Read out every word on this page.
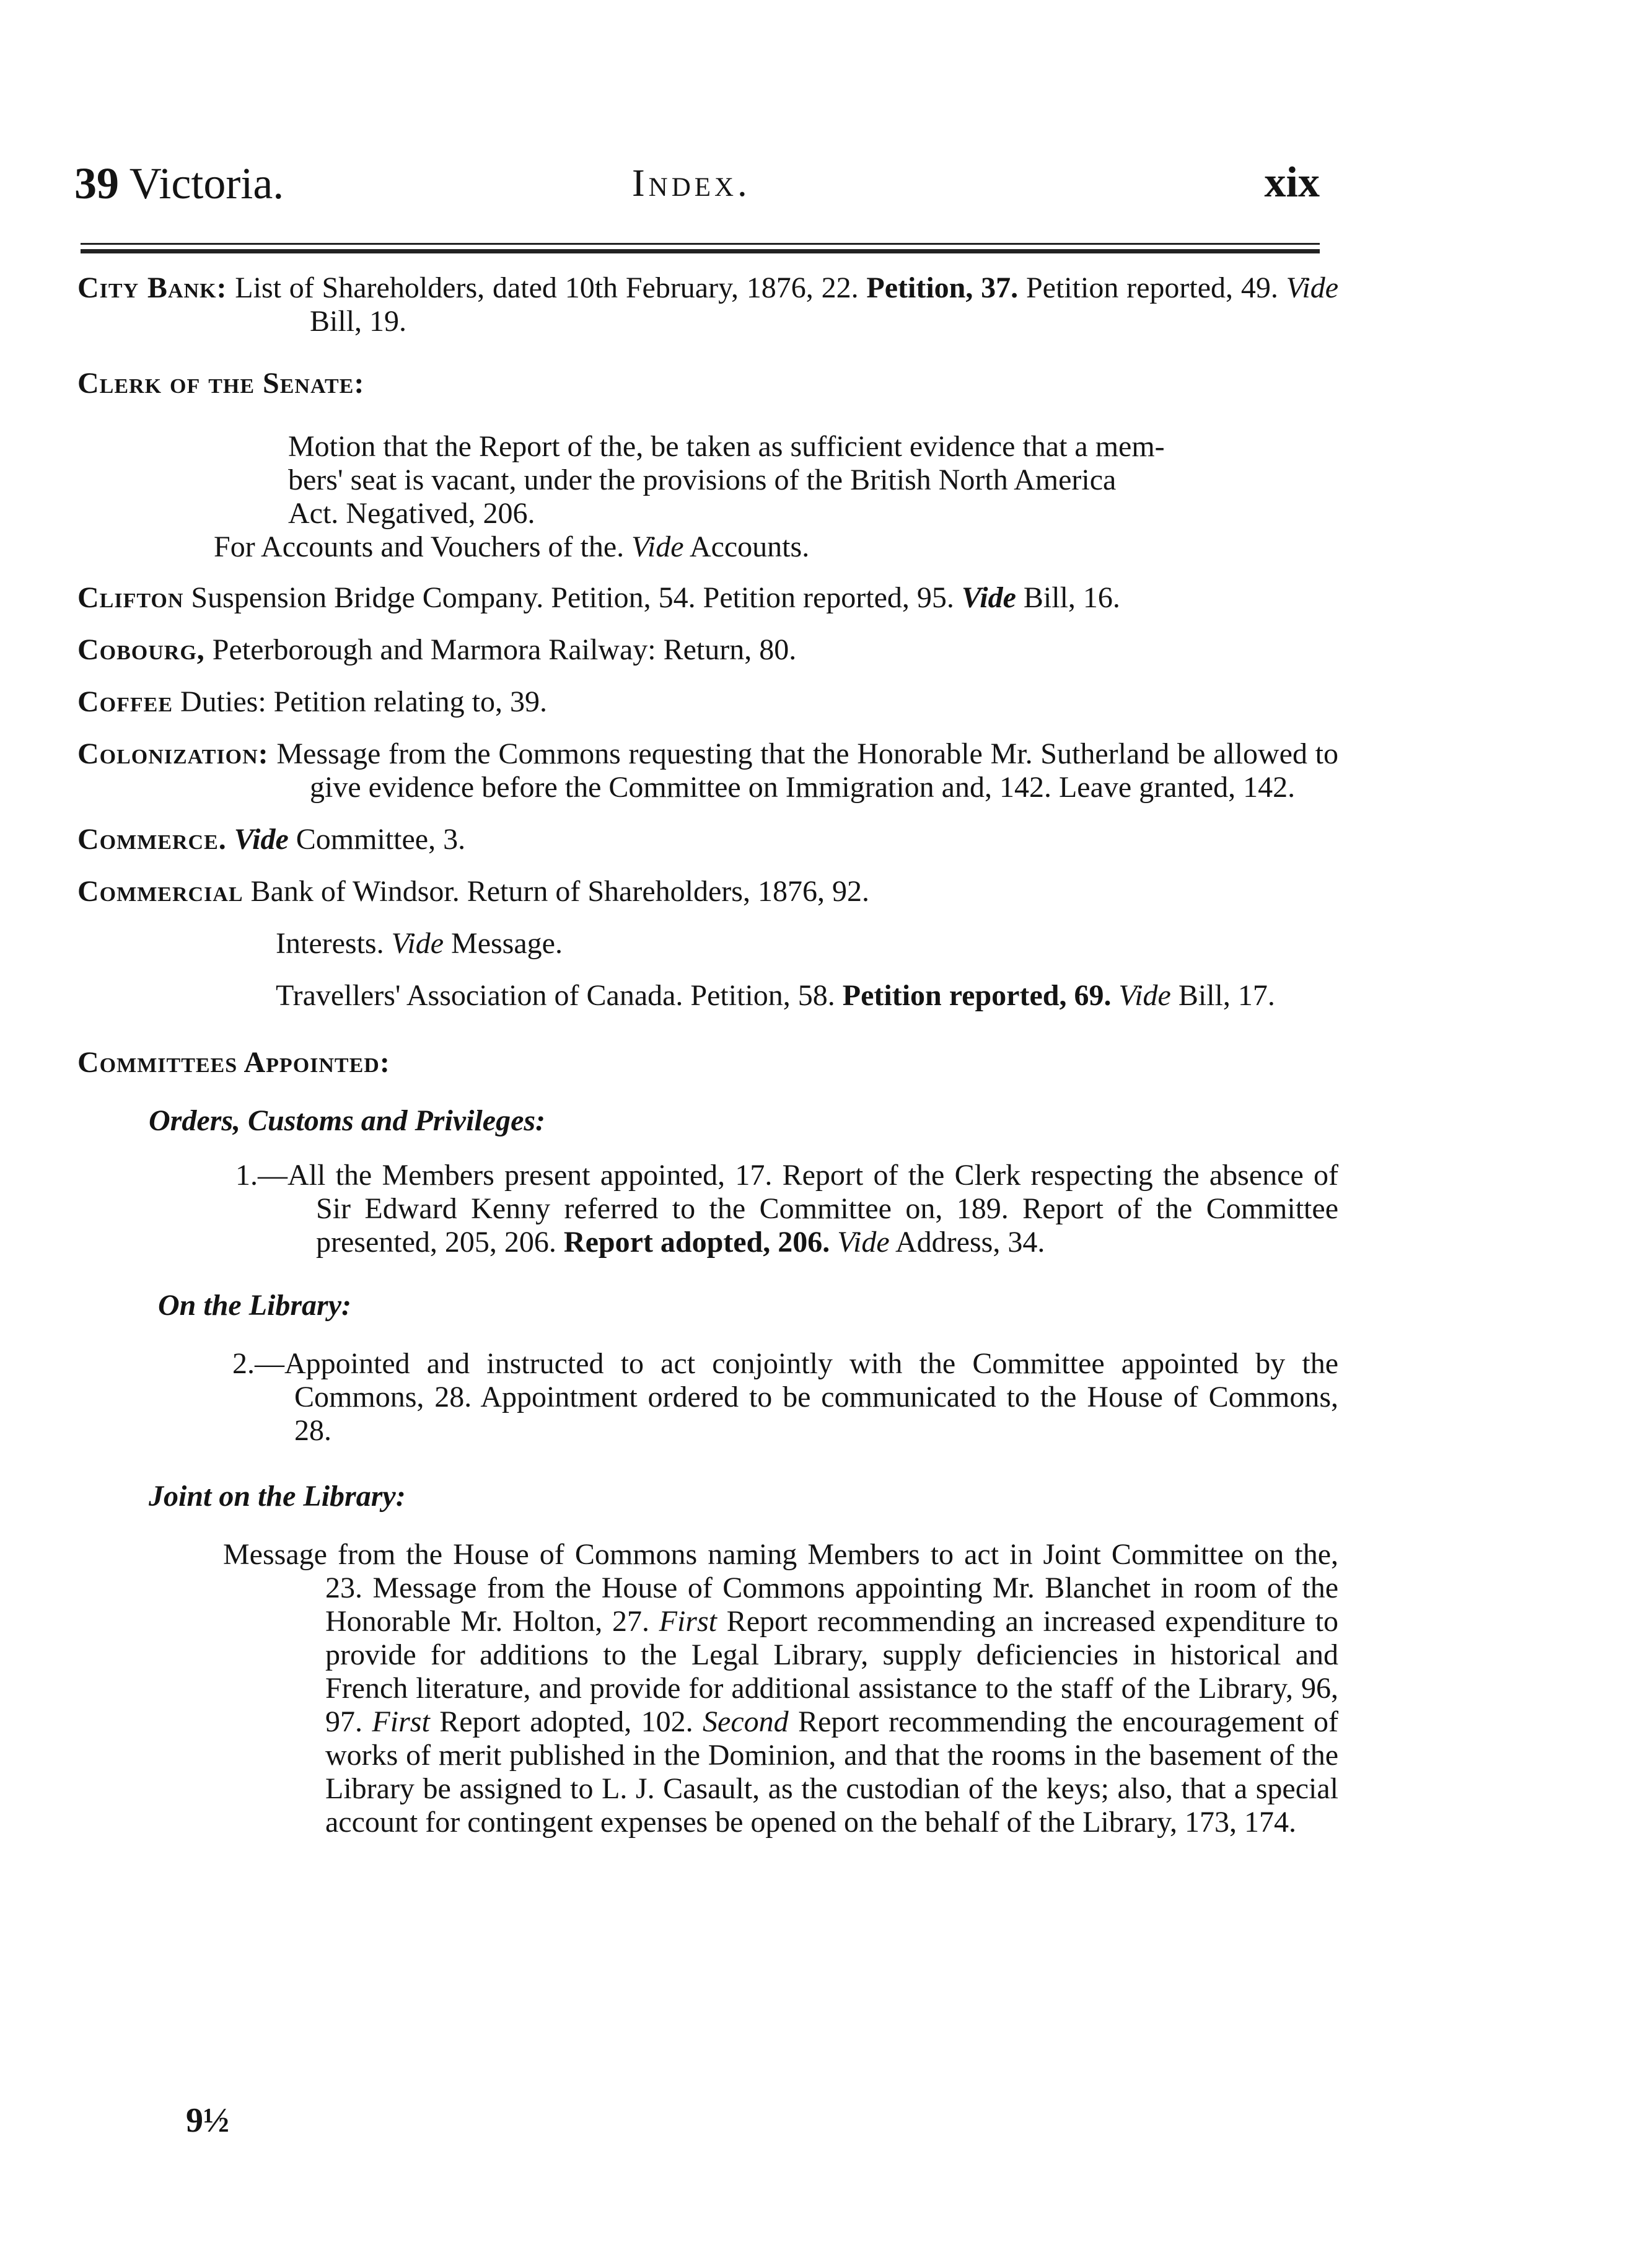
39 Victoria.	Index.	xix

City Bank: List of Shareholders, dated 10th February, 1876, 22. Petition, 37. Petition reported, 49. Vide Bill, 19.

Clerk of the Senate:

Motion that the Report of the, be taken as sufficient evidence that a mem-
bers' seat is vacant, under the provisions of the British North America
Act. Negatived, 206.

For Accounts and Vouchers of the. Vide Accounts.

Clifton Suspension Bridge Company. Petition, 54. Petition reported, 95. Vide Bill, 16.

Cobourg, Peterborough and Marmora Railway: Return, 80.

Coffee Duties: Petition relating to, 39.

Colonization: Message from the Commons requesting that the Honorable Mr. Sutherland be allowed to give evidence before the Committee on Immigration and, 142. Leave granted, 142.

Commerce. Vide Committee, 3.

Commercial Bank of Windsor. Return of Shareholders, 1876, 92.

Interests. Vide Message.

Travellers' Association of Canada. Petition, 58. Petition reported, 69. Vide Bill, 17.

Committees Appointed:

Orders, Customs and Privileges:

1.—All the Members present appointed, 17. Report of the Clerk respecting the absence of Sir Edward Kenny referred to the Committee on, 189. Report of the Committee presented, 205, 206. Report adopted, 206. Vide Address, 34.

On the Library:

2.—Appointed and instructed to act conjointly with the Committee appointed by the Commons, 28. Appointment ordered to be communicated to the House of Commons, 28.

Joint on the Library:

Message from the House of Commons naming Members to act in Joint Committee on the, 23. Message from the House of Commons appointing Mr. Blanchet in room of the Honorable Mr. Holton, 27. First Report recommending an increased expenditure to provide for additions to the Legal Library, supply deficiencies in historical and French literature, and provide for additional assistance to the staff of the Library, 96, 97. First Report adopted, 102. Second Report recommending the encouragement of works of merit published in the Dominion, and that the rooms in the basement of the Library be assigned to L. J. Casault, as the custodian of the keys; also, that a special account for contingent expenses be opened on the behalf of the Library, 173, 174.

9½
